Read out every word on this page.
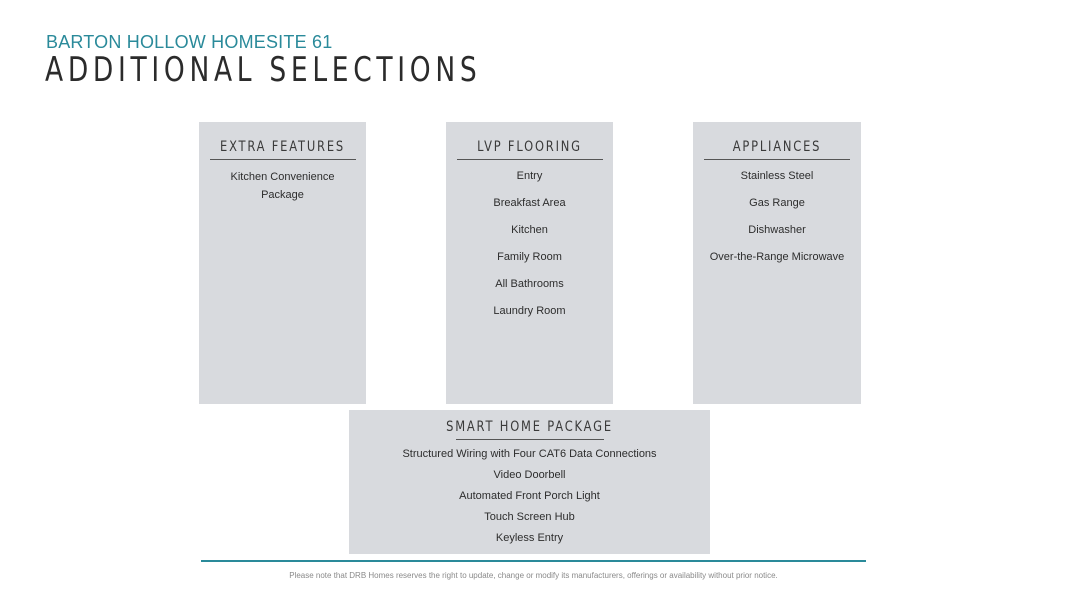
BARTON HOLLOW HOMESITE 61
ADDITIONAL SELECTIONS
EXTRA FEATURES
Kitchen Convenience Package
LVP FLOORING
Entry
Breakfast Area
Kitchen
Family Room
All Bathrooms
Laundry Room
APPLIANCES
Stainless Steel
Gas Range
Dishwasher
Over-the-Range Microwave
SMART HOME PACKAGE
Structured Wiring with Four CAT6 Data Connections
Video Doorbell
Automated Front Porch Light
Touch Screen Hub
Keyless Entry
Please note that DRB Homes reserves the right to update, change or modify its manufacturers, offerings or availability without prior notice.
